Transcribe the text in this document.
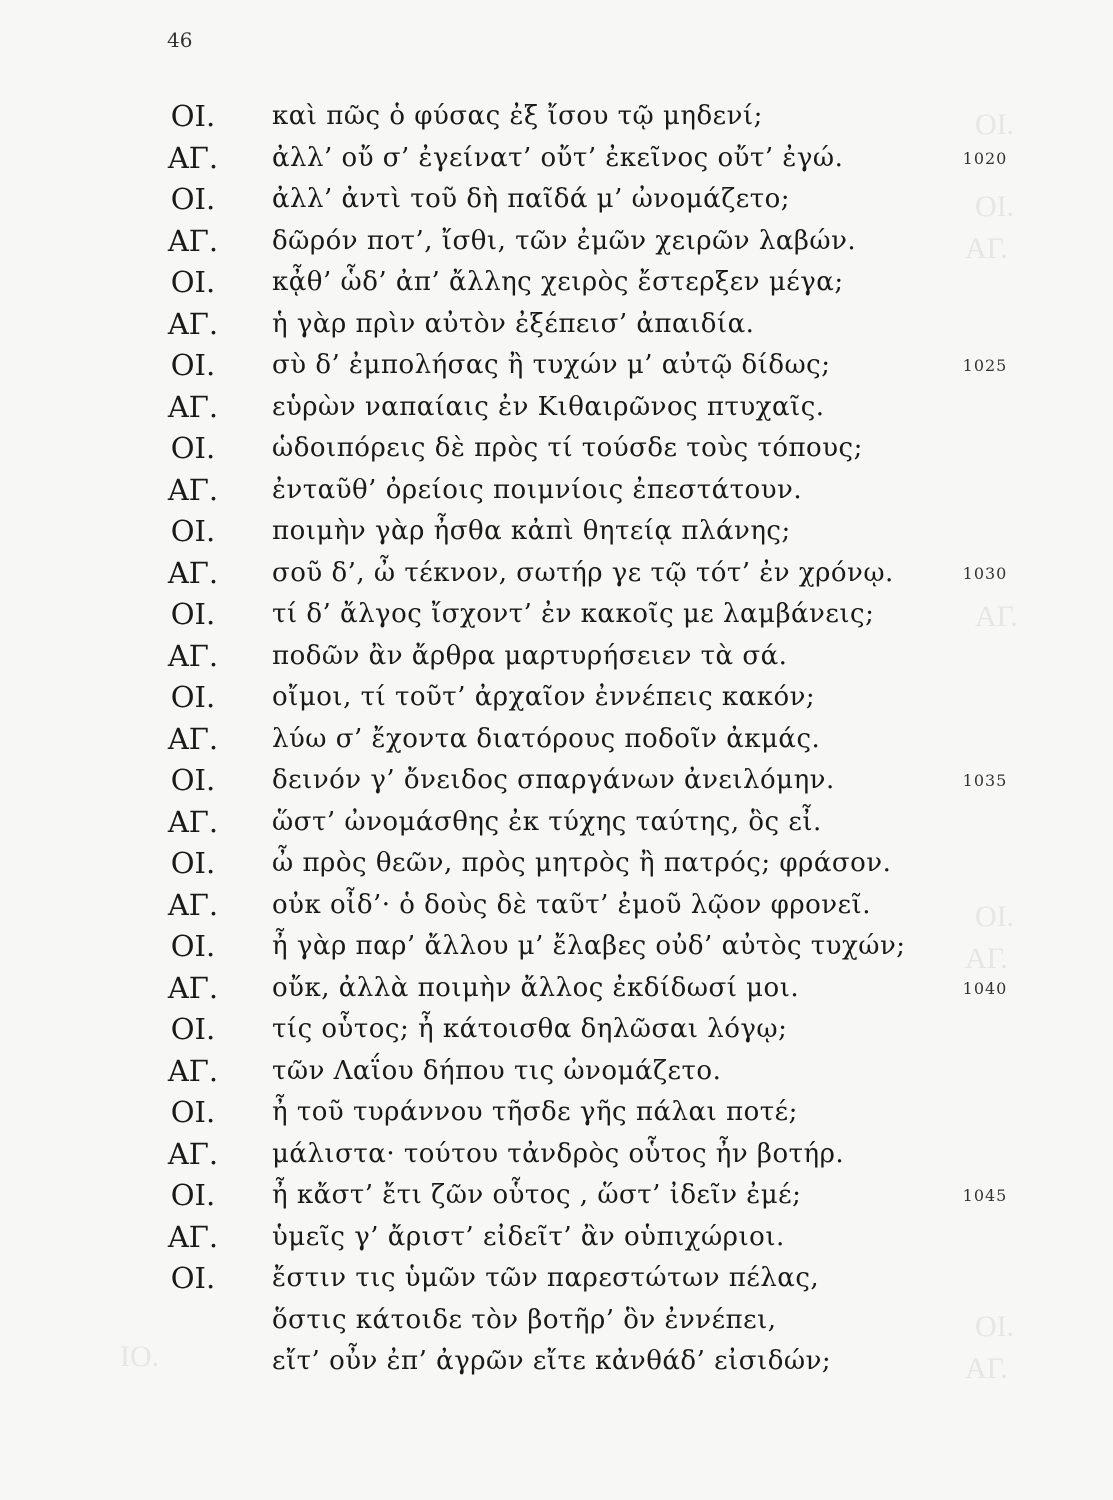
ΟΙ.
ΟΙ.
ΑΓ.
ΑΓ.
ΟΙ.
ΑΓ.
ΟΙ.
ΑΓ.
ΙΟ.
46
ΟΙ.	καὶ πῶς ὁ φύσας ἐξ ἴσου τῷ μηδενί;
ΑΓ.	ἀλλ’ οὔ σ’ ἐγείνατ’ οὔτ’ ἐκεῖνος οὔτ’ ἐγώ.	1020
ΟΙ.	ἀλλ’ ἀντὶ τοῦ δὴ παῖδά μ’ ὠνομάζετο;
ΑΓ.	δῶρόν ποτ’, ἴσθι, τῶν ἐμῶν χειρῶν λαβών.
ΟΙ.	κᾆθ’ ὧδ’ ἀπ’ ἄλλης χειρὸς ἔστερξεν μέγα;
ΑΓ.	ἡ γὰρ πρὶν αὐτὸν ἐξέπεισ’ ἀπαιδία.
ΟΙ.	σὺ δ’ ἐμπολήσας ἢ τυχών μ’ αὐτῷ δίδως;	1025
ΑΓ.	εὑρὼν ναπαίαις ἐν Κιθαιρῶνος πτυχαῖς.
ΟΙ.	ὡδοιπόρεις δὲ πρὸς τί τούσδε τοὺς τόπους;
ΑΓ.	ἐνταῦθ’ ὀρείοις ποιμνίοις ἐπεστάτουν.
ΟΙ.	ποιμὴν γὰρ ἦσθα κἀπὶ θητείᾳ πλάνης;
ΑΓ.	σοῦ δ’, ὦ τέκνον, σωτήρ γε τῷ τότ’ ἐν χρόνῳ.	1030
ΟΙ.	τί δ’ ἄλγος ἴσχοντ’ ἐν κακοῖς με λαμβάνεις;
ΑΓ.	ποδῶν ἂν ἄρθρα μαρτυρήσειεν τὰ σά.
ΟΙ.	οἴμοι, τί τοῦτ’ ἀρχαῖον ἐννέπεις κακόν;
ΑΓ.	λύω σ’ ἔχοντα διατόρους ποδοῖν ἀκμάς.
ΟΙ.	δεινόν γ’ ὄνειδος σπαργάνων ἀνειλόμην.	1035
ΑΓ.	ὥστ’ ὠνομάσθης ἐκ τύχης ταύτης, ὃς εἶ.
ΟΙ.	ὦ πρὸς θεῶν, πρὸς μητρὸς ἢ πατρός; φράσον.
ΑΓ.	οὐκ οἶδ’· ὁ δοὺς δὲ ταῦτ’ ἐμοῦ λῷον φρονεῖ.
ΟΙ.	ἦ γὰρ παρ’ ἄλλου μ’ ἔλαβες οὐδ’ αὐτὸς τυχών;
ΑΓ.	οὔκ, ἀλλὰ ποιμὴν ἄλλος ἐκδίδωσί μοι.	1040
ΟΙ.	τίς οὗτος; ἦ κάτοισθα δηλῶσαι λόγῳ;
ΑΓ.	τῶν Λαΐου δήπου τις ὠνομάζετο.
ΟΙ.	ἦ τοῦ τυράννου τῆσδε γῆς πάλαι ποτέ;
ΑΓ.	μάλιστα· τούτου τἀνδρὸς οὗτος ἦν βοτήρ.
ΟΙ.	ἦ κἄστ’ ἔτι ζῶν οὗτος , ὥστ’ ἰδεῖν ἐμέ;	1045
ΑΓ.	ὑμεῖς γ’ ἄριστ’ εἰδεῖτ’ ἂν οὑπιχώριοι.
ΟΙ.	ἔστιν τις ὑμῶν τῶν παρεστώτων πέλας,
ὅστις κάτοιδε τὸν βοτῆρ’ ὃν ἐννέπει,
εἴτ’ οὖν ἐπ’ ἀγρῶν εἴτε κἀνθάδ’ εἰσιδών;
